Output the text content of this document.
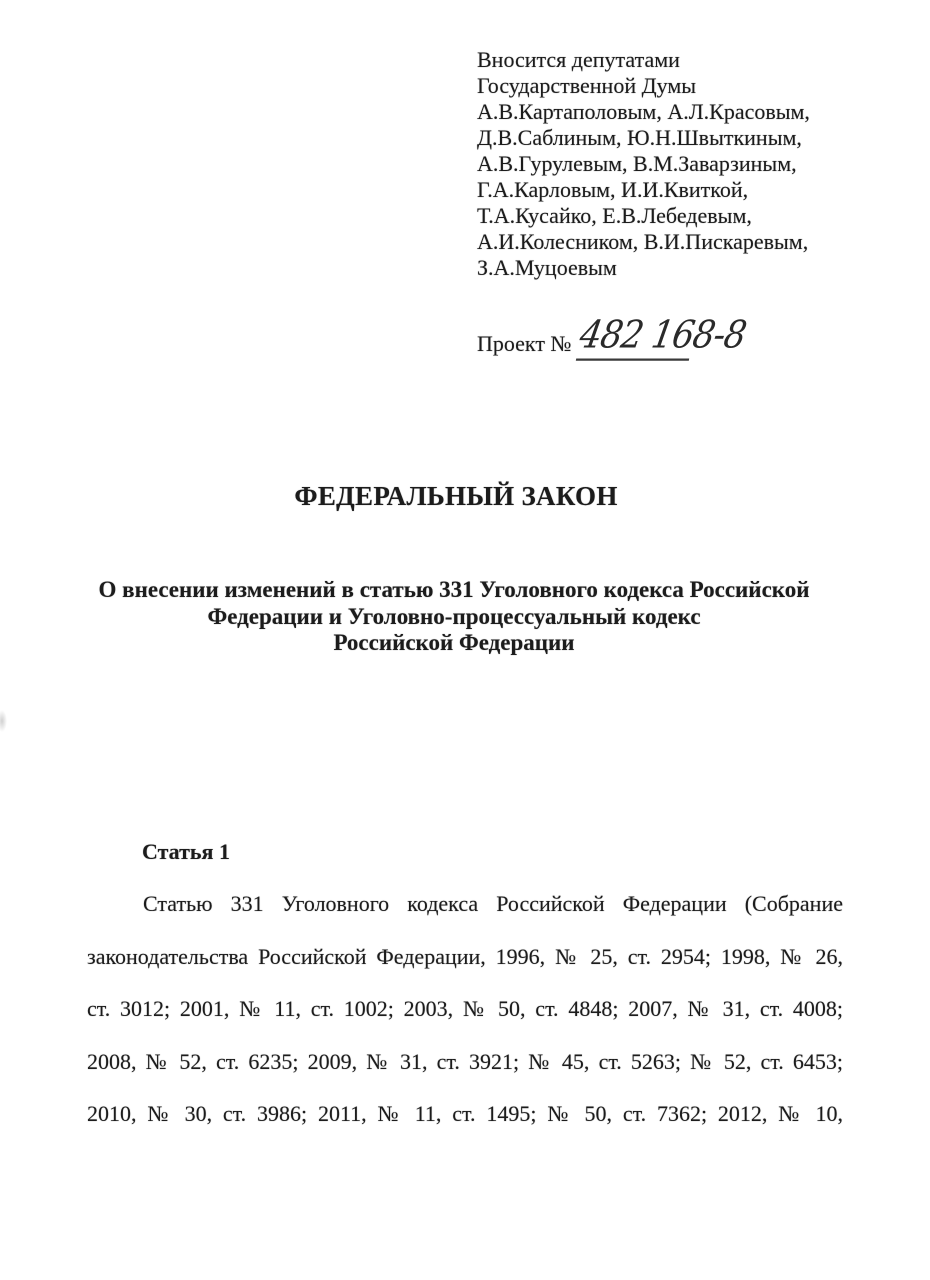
Вносится депутатами
Государственной Думы
А.В.Картаполовым, А.Л.Красовым,
Д.В.Саблиным, Ю.Н.Швыткиным,
А.В.Гурулевым, В.М.Заварзиным,
Г.А.Карловым, И.И.Квиткой,
Т.А.Кусайко, Е.В.Лебедевым,
А.И.Колесником, В.И.Пискаревым,
З.А.Муцоевым
Проект № 482 168-8
ФЕДЕРАЛЬНЫЙ ЗАКОН
О внесении изменений в статью 331 Уголовного кодекса Российской
Федерации и Уголовно-процессуальный кодекс
Российской Федерации
Статья 1
Статью 331 Уголовного кодекса Российской Федерации (Собрание
законодательства Российской Федерации, 1996, № 25, ст. 2954; 1998, № 26,
ст. 3012; 2001, № 11, ст. 1002; 2003, № 50, ст. 4848; 2007, № 31, ст. 4008;
2008, № 52, ст. 6235; 2009, № 31, ст. 3921; № 45, ст. 5263; № 52, ст. 6453;
2010, № 30, ст. 3986; 2011, № 11, ст. 1495; № 50, ст. 7362; 2012, № 10,
